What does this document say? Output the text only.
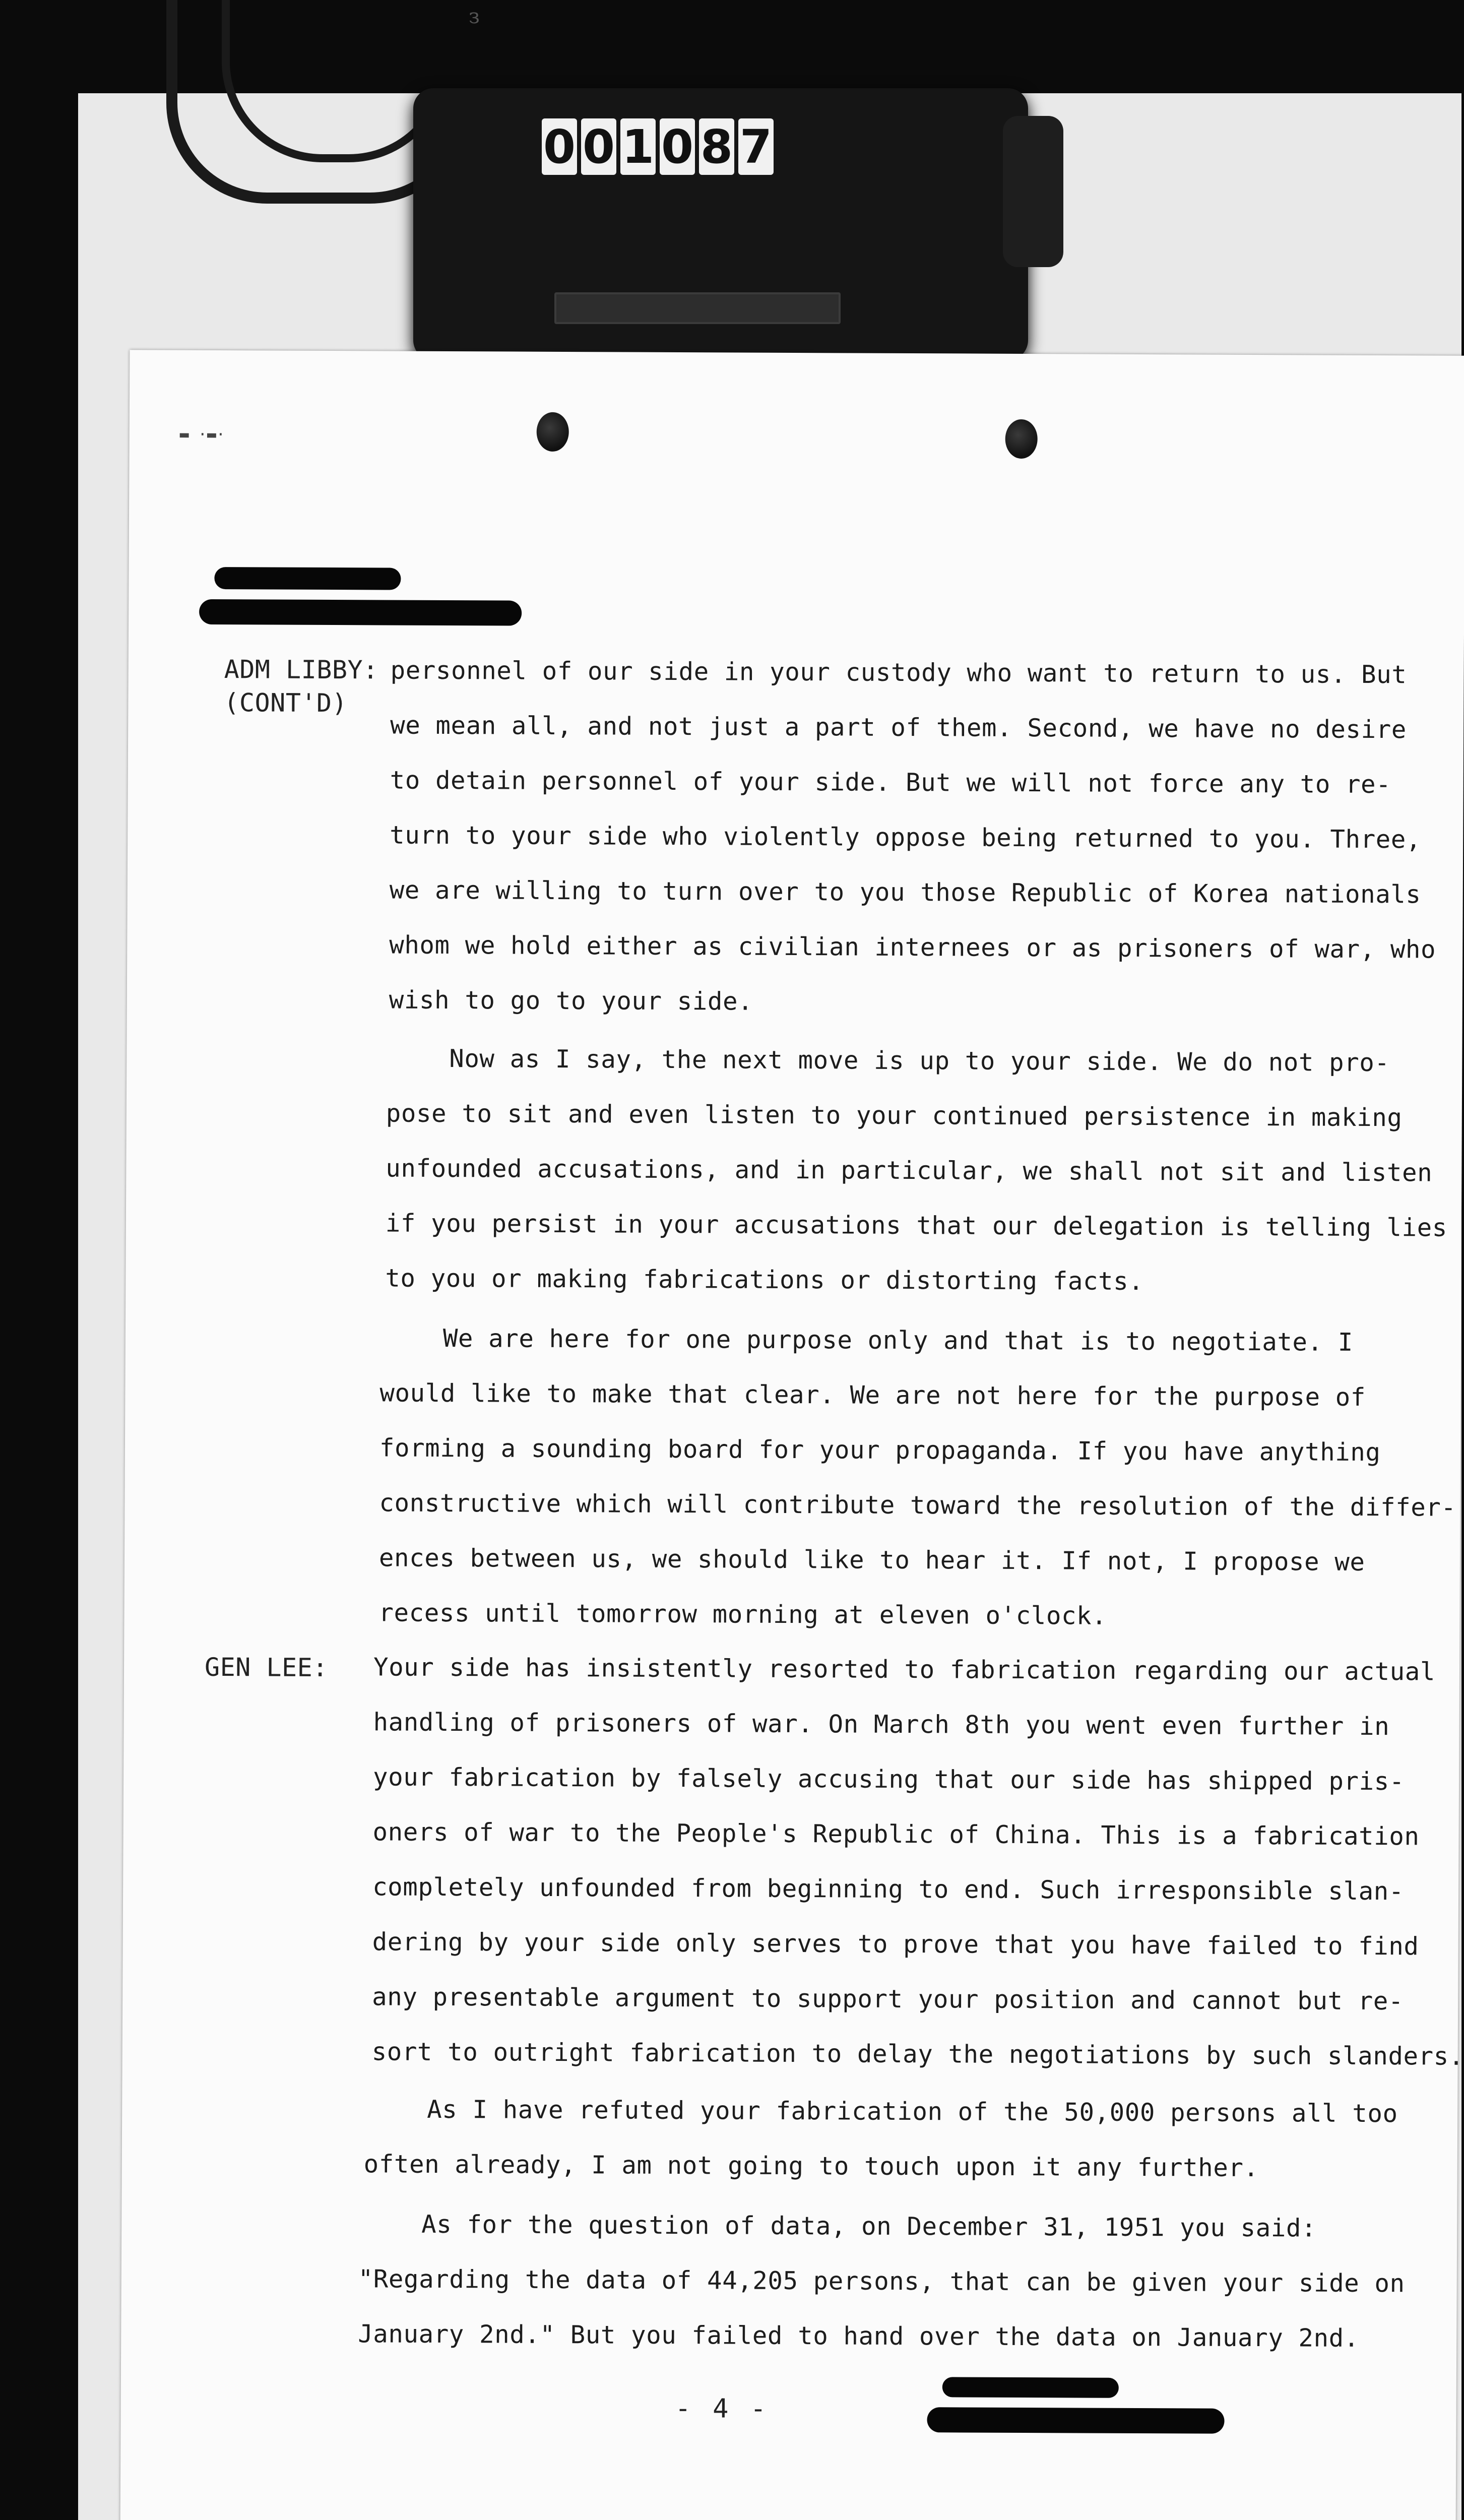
з
0 0 1 0 8 7
▬ ·▬·
ADM LIBBY:
(CONT'D)
personnel of our side in your custody who want to return to us. But
we mean all, and not just a part of them. Second, we have no desire
to detain personnel of your side. But we will not force any to re-
turn to your side who violently oppose being returned to you. Three,
we are willing to turn over to you those Republic of Korea nationals
whom we hold either as civilian internees or as prisoners of war, who
wish to go to your side.
Now as I say, the next move is up to your side. We do not pro-
pose to sit and even listen to your continued persistence in making
unfounded accusations, and in particular, we shall not sit and listen
if you persist in your accusations that our delegation is telling lies
to you or making fabrications or distorting facts.
We are here for one purpose only and that is to negotiate. I
would like to make that clear. We are not here for the purpose of
forming a sounding board for your propaganda. If you have anything
constructive which will contribute toward the resolution of the differ-
ences between us, we should like to hear it. If not, I propose we
recess until tomorrow morning at eleven o'clock.
GEN LEE: Your side has insistently resorted to fabrication regarding our actual
handling of prisoners of war. On March 8th you went even further in
your fabrication by falsely accusing that our side has shipped pris-
oners of war to the People's Republic of China. This is a fabrication
completely unfounded from beginning to end. Such irresponsible slan-
dering by your side only serves to prove that you have failed to find
any presentable argument to support your position and cannot but re-
sort to outright fabrication to delay the negotiations by such slanders.
As I have refuted your fabrication of the 50,000 persons all too
often already, I am not going to touch upon it any further.
As for the question of data, on December 31, 1951 you said:
"Regarding the data of 44,205 persons, that can be given your side on
January 2nd." But you failed to hand over the data on January 2nd.
- 4 -
